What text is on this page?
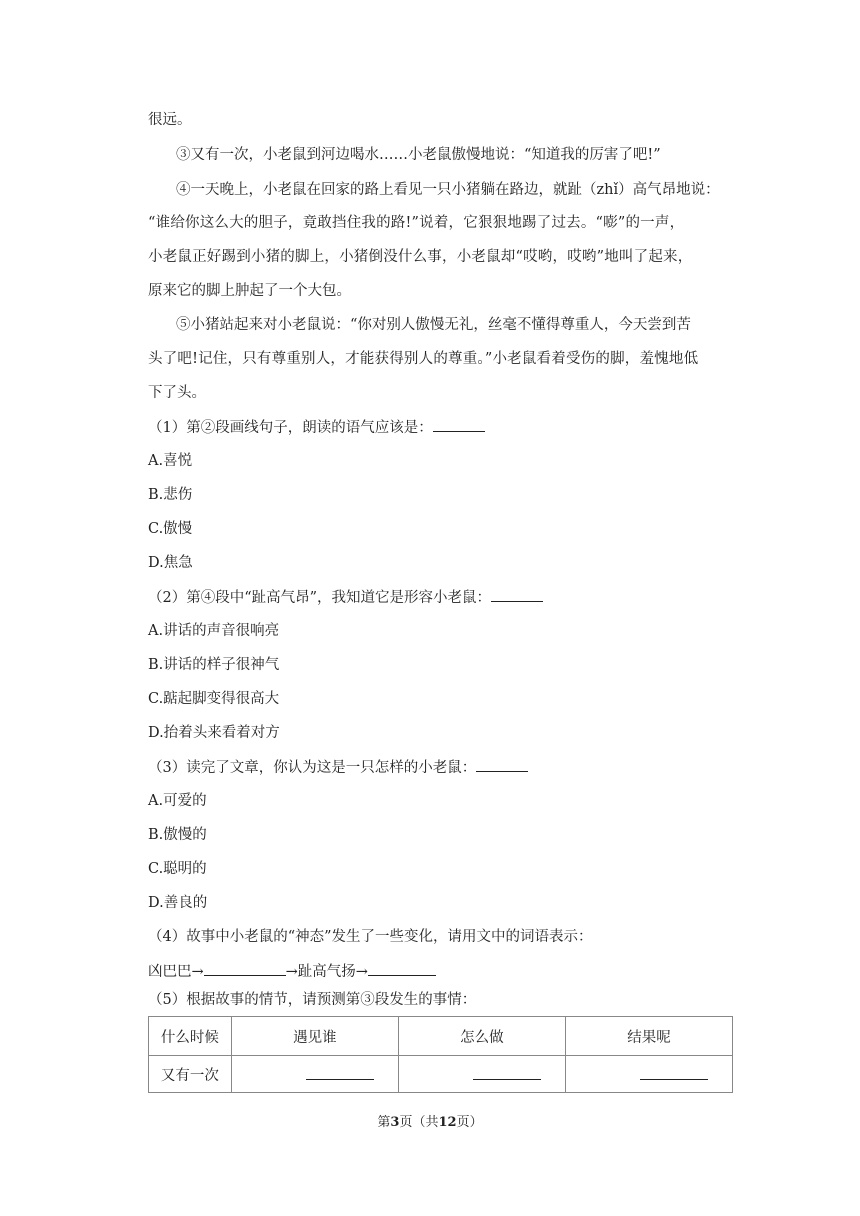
很远。
③又有一次，小老鼠到河边喝水……小老鼠傲慢地说：“知道我的厉害了吧!”
④一天晚上，小老鼠在回家的路上看见一只小猪躺在路边，就趾（zhǐ）高气昂地说：
“谁给你这么大的胆子，竟敢挡住我的路!”说着，它狠狠地踢了过去。“嘭”的一声，
小老鼠正好踢到小猪的脚上，小猪倒没什么事，小老鼠却“哎哟，哎哟”地叫了起来，
原来它的脚上肿起了一个大包。
⑤小猪站起来对小老鼠说：“你对别人傲慢无礼，丝毫不懂得尊重人，今天尝到苦
头了吧!记住，只有尊重别人，才能获得别人的尊重。”小老鼠看着受伤的脚，羞愧地低
下了头。
（1）第②段画线句子，朗读的语气应该是：
A.喜悦
B.悲伤
C.傲慢
D.焦急
（2）第④段中“趾高气昂”，我知道它是形容小老鼠：
A.讲话的声音很响亮
B.讲话的样子很神气
C.踮起脚变得很高大
D.抬着头来看着对方
（3）读完了文章，你认为这是一只怎样的小老鼠：
A.可爱的
B.傲慢的
C.聪明的
D.善良的
（4）故事中小老鼠的“神态”发生了一些变化，请用文中的词语表示：
凶巴巴→	→趾高气扬→
（5）根据故事的情节，请预测第③段发生的事情：
什么时候	遇见谁	怎么做	结果呢
又有一次			
第3页（共12页）
